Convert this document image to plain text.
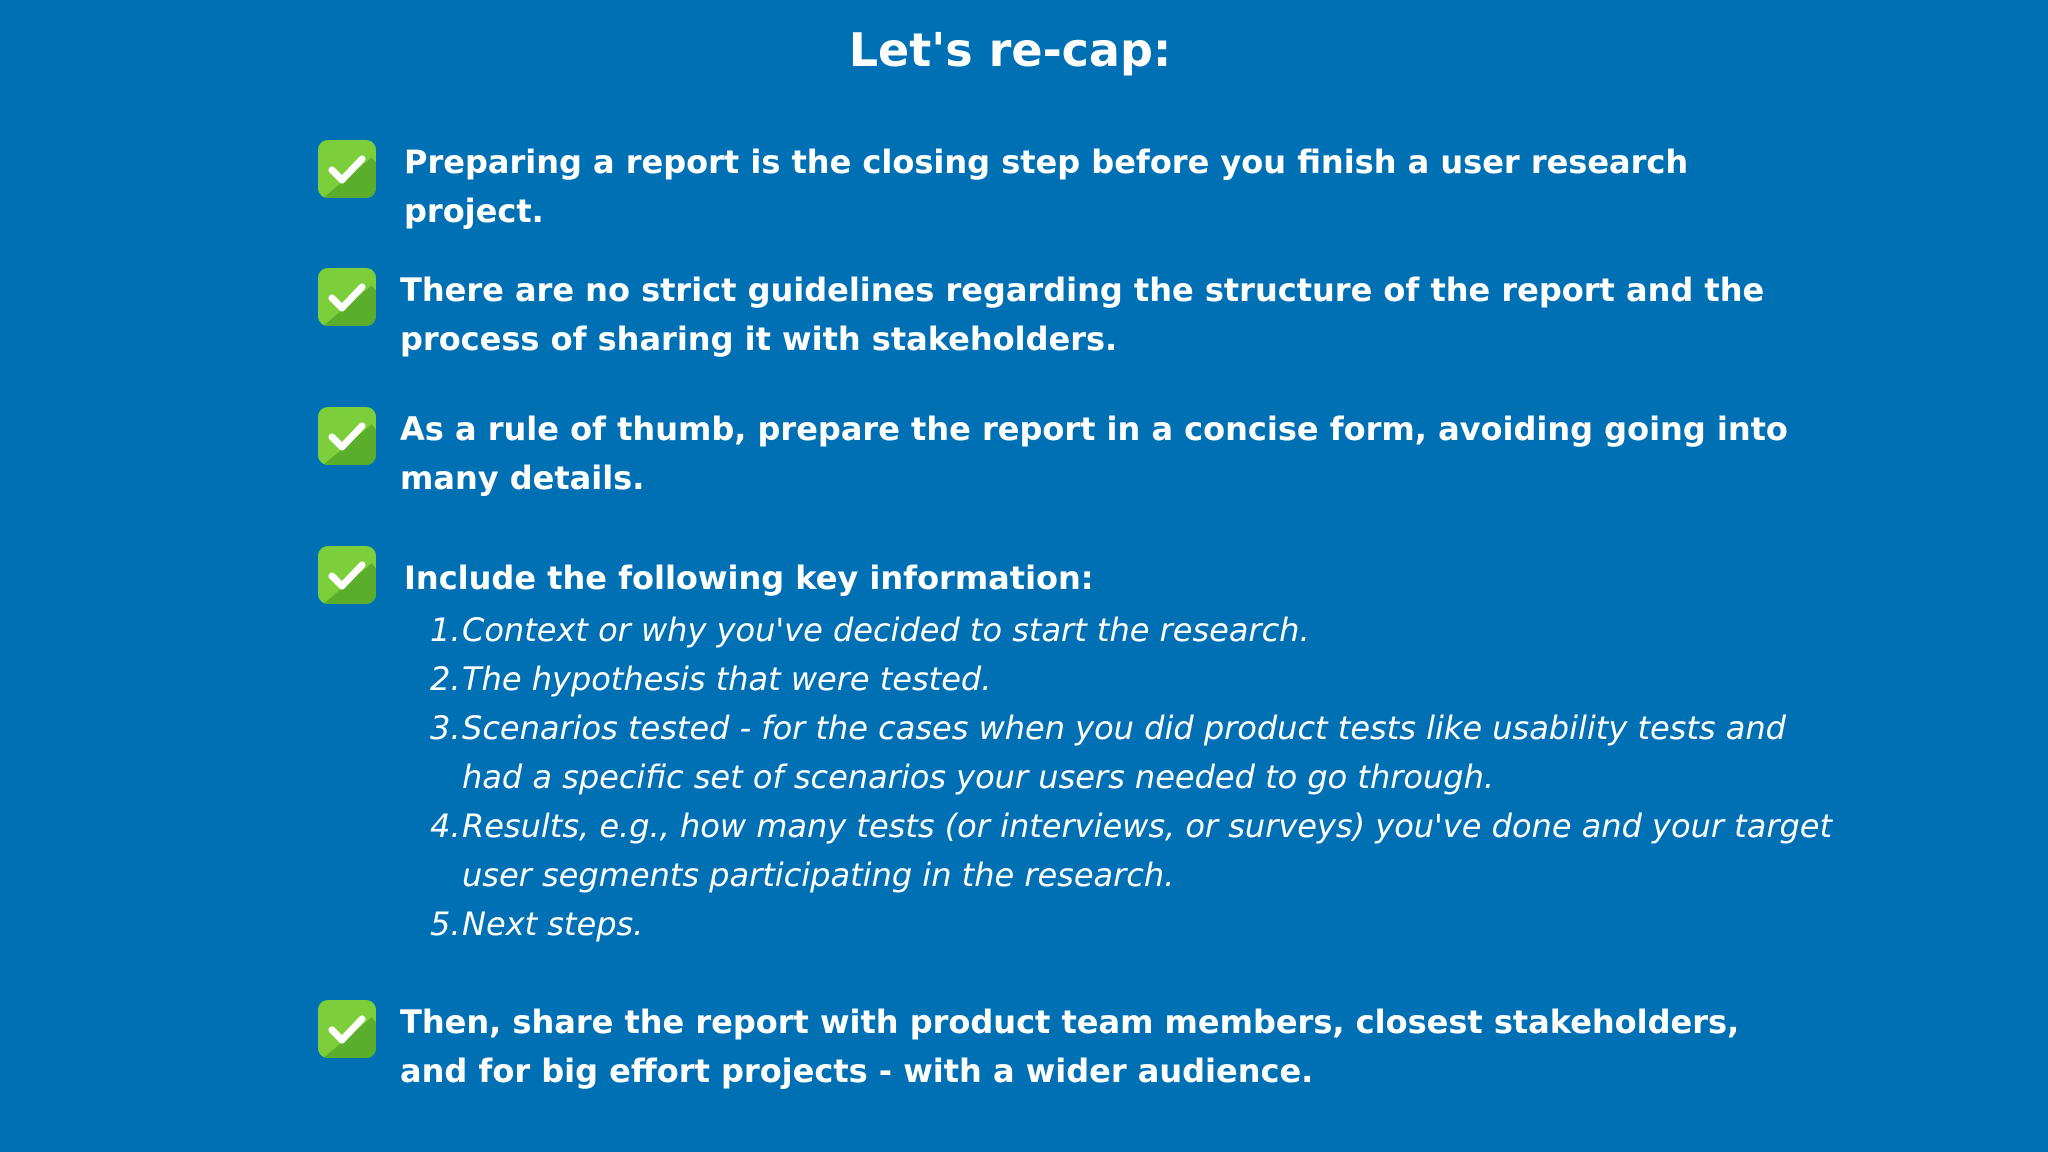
Let's re-cap:
Preparing a report is the closing step before you finish a user research
project.
There are no strict guidelines regarding the structure of the report and the
process of sharing it with stakeholders.
As a rule of thumb, prepare the report in a concise form, avoiding going into
many details.
Include the following key information:
1. Context or why you've decided to start the research.
2. The hypothesis that were tested.
3. Scenarios tested - for the cases when you did product tests like usability tests and
had a specific set of scenarios your users needed to go through.
4. Results, e.g., how many tests (or interviews, or surveys) you've done and your target
user segments participating in the research.
5. Next steps.
Then, share the report with product team members, closest stakeholders,
and for big effort projects - with a wider audience.
